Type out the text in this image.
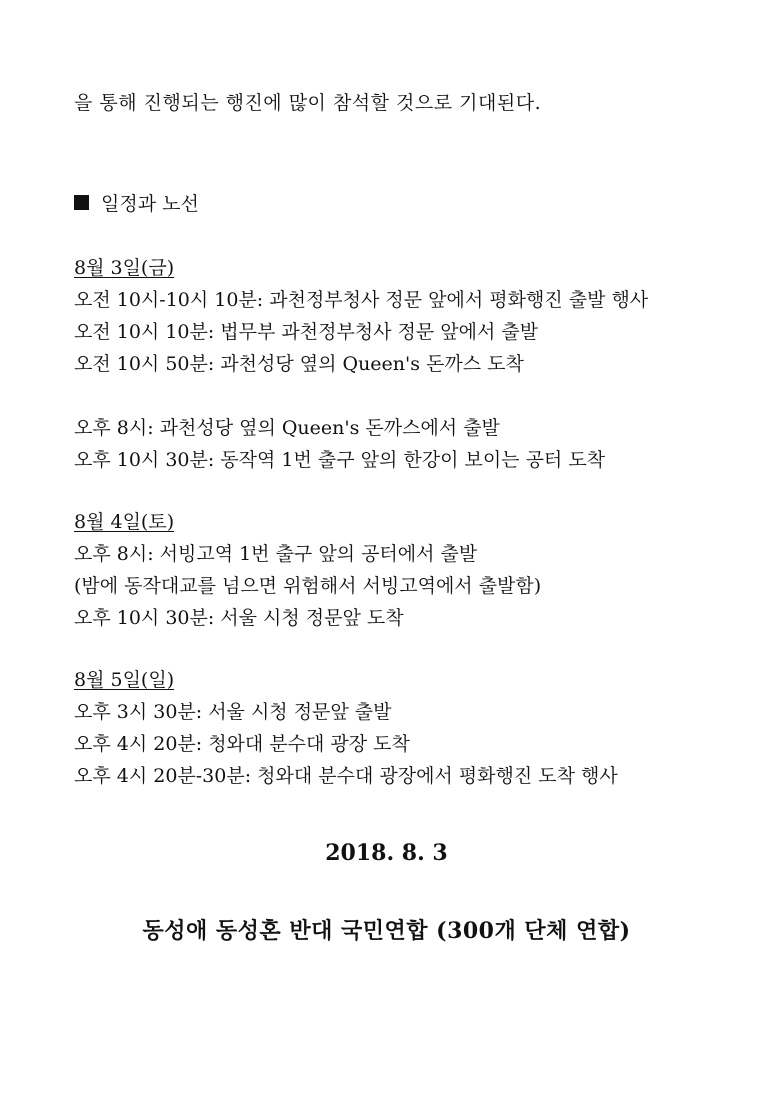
을 통해 진행되는 행진에 많이 참석할 것으로 기대된다.
일정과 노선
8월 3일(금)
오전 10시-10시 10분: 과천정부청사 정문 앞에서 평화행진 출발 행사
오전 10시 10분: 법무부 과천정부청사 정문 앞에서 출발
오전 10시 50분: 과천성당 옆의 Queen's 돈까스 도착
오후 8시: 과천성당 옆의 Queen's 돈까스에서 출발
오후 10시 30분: 동작역 1번 출구 앞의 한강이 보이는 공터 도착
8월 4일(토)
오후 8시: 서빙고역 1번 출구 앞의 공터에서 출발
(밤에 동작대교를 넘으면 위험해서 서빙고역에서 출발함)
오후 10시 30분: 서울 시청 정문앞 도착
8월 5일(일)
오후 3시 30분: 서울 시청 정문앞 출발
오후 4시 20분: 청와대 분수대 광장 도착
오후 4시 20분-30분: 청와대 분수대 광장에서 평화행진 도착 행사
2018. 8. 3
동성애 동성혼 반대 국민연합 (300개 단체 연합)
